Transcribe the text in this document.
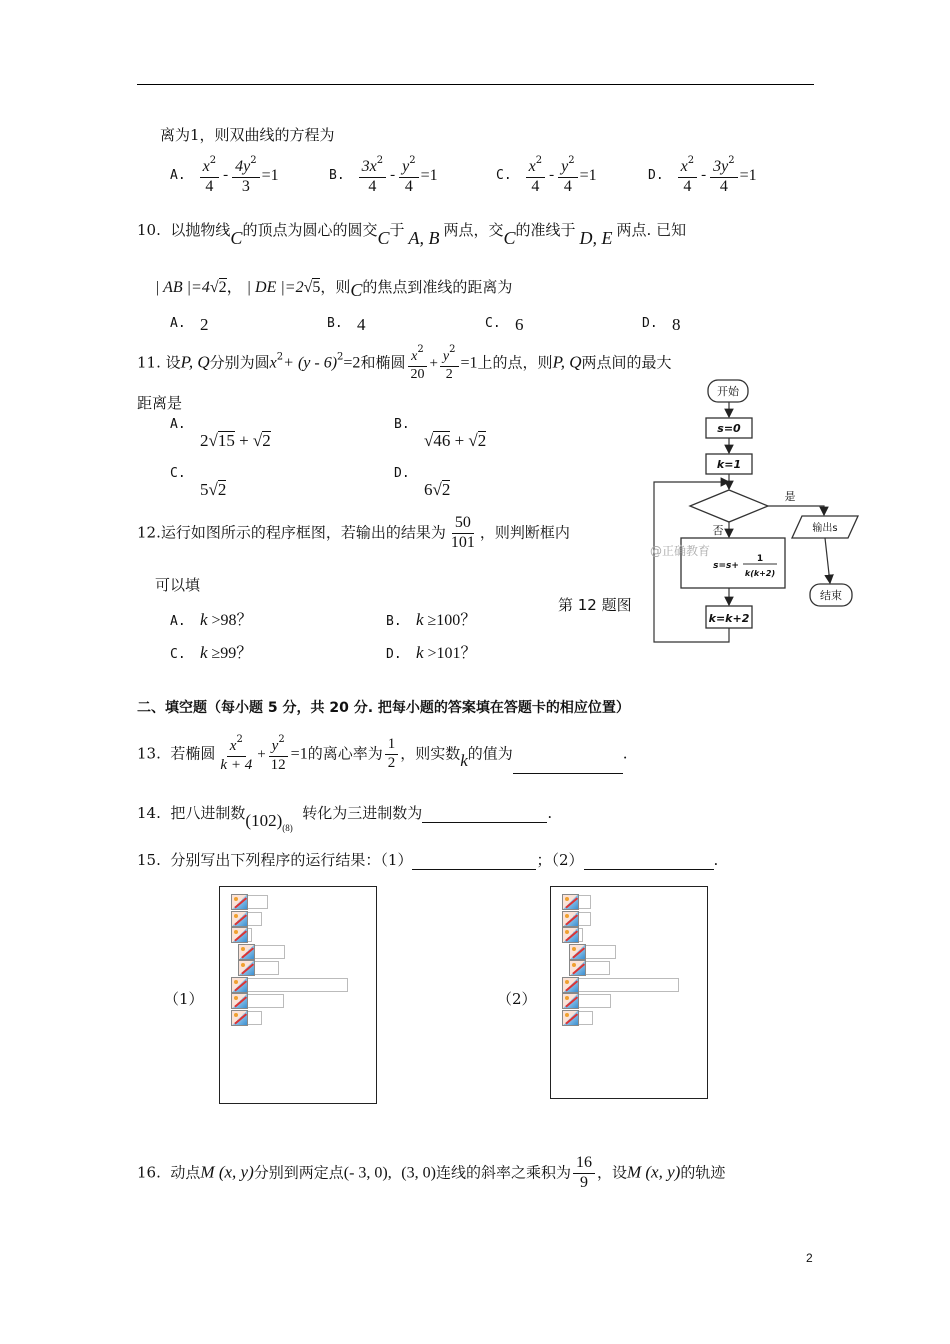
离为1，则双曲线的方程为
A. $\frac{x^2}{4} - \frac{4y^2}{3} =1$	B. $\frac{3x^2}{4} - \frac{y^2}{4} =1$	C. $\frac{x^2}{4} - \frac{y^2}{4} =1$	D. $\frac{x^2}{4} - \frac{3y^2}{4} =1$
10. 以抛物线C的顶点为圆心的圆交C于 A, B 两点，交C的准线于 D, E 两点. 已知
| AB |=4√2， | DE |=2√5，则C的焦点到准线的距离为
A. 2	B. 4	C. 6	D. 8
11. 设P, Q分别为圆$x^2+ (y - 6)^2=2$和椭圆 $\frac{x^2}{20} + \frac{y^2}{2} =1$上的点，则P, Q两点间的最大
距离是
A.   2√15 + √2
B.   √46 + √2
C.   5√2
D.   6√2
12.运行如图所示的程序框图，若输出的结果为 $\frac{50}{101}$ ，则判断框内
可以填
A. k >98？	B. k ≥100？
C. k ≥99？	D. k >101？
开始
s=0
k=1
是
否	输出s
s=s+
1
k(k+2)
k=k+2
结束
@正确教育
第 12 题图
二、填空题（每小题 5 分，共 20 分. 把每小题的答案填在答题卡的相应位置）
13. 若椭圆 $\frac{x^2}{k + 4} + \frac{y^2}{12} =1$的离心率为 $\frac{1}{2}$ ，则实数k的值为	.
14. 把八进制数$(102)_{(8)}$  转化为三进制数为	.
15. 分别写出下列程序的运行结果：（1）	；（2）	.
（1）	（2）
16. 动点M (x, y)分别到两定点(- 3, 0), (3, 0)连线的斜率之乘积为 $\frac{16}{9}$ ，设M (x, y)的轨迹
2
